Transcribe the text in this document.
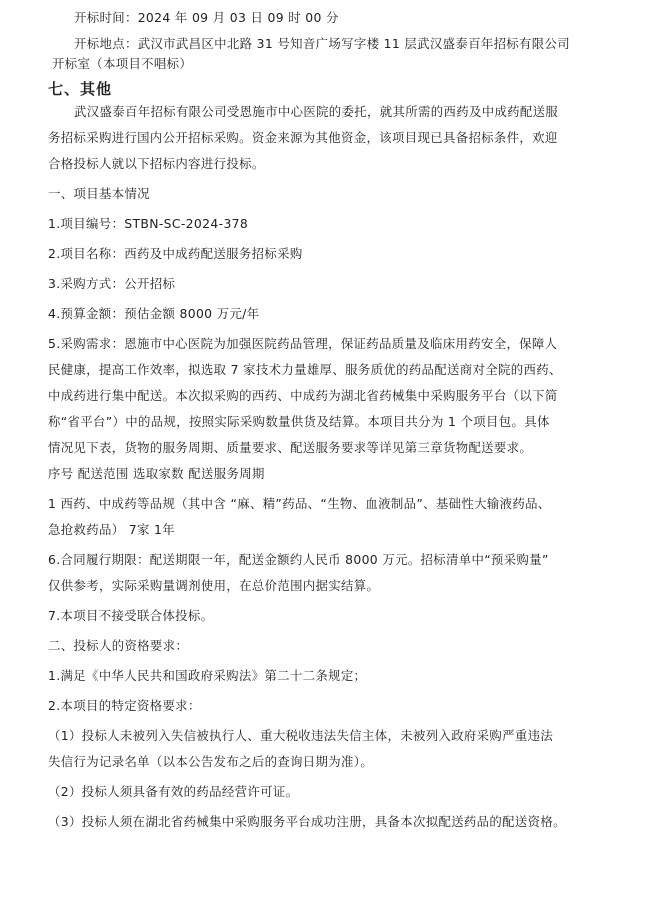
开标时间：2024 年 09 月 03 日 09 时 00 分
开标地点：武汉市武昌区中北路 31 号知音广场写字楼 11 层武汉盛泰百年招标有限公司
开标室（本项目不唱标）
七、其他
武汉盛泰百年招标有限公司受恩施市中心医院的委托，就其所需的西药及中成药配送服
务招标采购进行国内公开招标采购。资金来源为其他资金，该项目现已具备招标条件，欢迎
合格投标人就以下招标内容进行投标。
一、项目基本情况
1.项目编号：STBN-SC-2024-378
2.项目名称：西药及中成药配送服务招标采购
3.采购方式：公开招标
4.预算金额：预估金额 8000 万元/年
5.采购需求：恩施市中心医院为加强医院药品管理，保证药品质量及临床用药安全，保障人
民健康，提高工作效率，拟选取 7 家技术力量雄厚、服务质优的药品配送商对全院的西药、
中成药进行集中配送。本次拟采购的西药、中成药为湖北省药械集中采购服务平台（以下简
称“省平台”）中的品规，按照实际采购数量供货及结算。本项目共分为 1 个项目包。具体
情况见下表，货物的服务周期、质量要求、配送服务要求等详见第三章货物配送要求。
序号 配送范围 选取家数 配送服务周期
1 西药、中成药等品规（其中含 “麻、精”药品、“生物、血液制品”、基础性大输液药品、
急抢救药品） 7家 1年
6.合同履行期限：配送期限一年，配送金额约人民币 8000 万元。招标清单中“预采购量”
仅供参考，实际采购量调剂使用，在总价范围内据实结算。
7.本项目不接受联合体投标。
二、投标人的资格要求：
1.满足《中华人民共和国政府采购法》第二十二条规定；
2.本项目的特定资格要求：
（1）投标人未被列入失信被执行人、重大税收违法失信主体，未被列入政府采购严重违法
失信行为记录名单（以本公告发布之后的查询日期为准）。
（2）投标人须具备有效的药品经营许可证。
（3）投标人须在湖北省药械集中采购服务平台成功注册，具备本次拟配送药品的配送资格。
